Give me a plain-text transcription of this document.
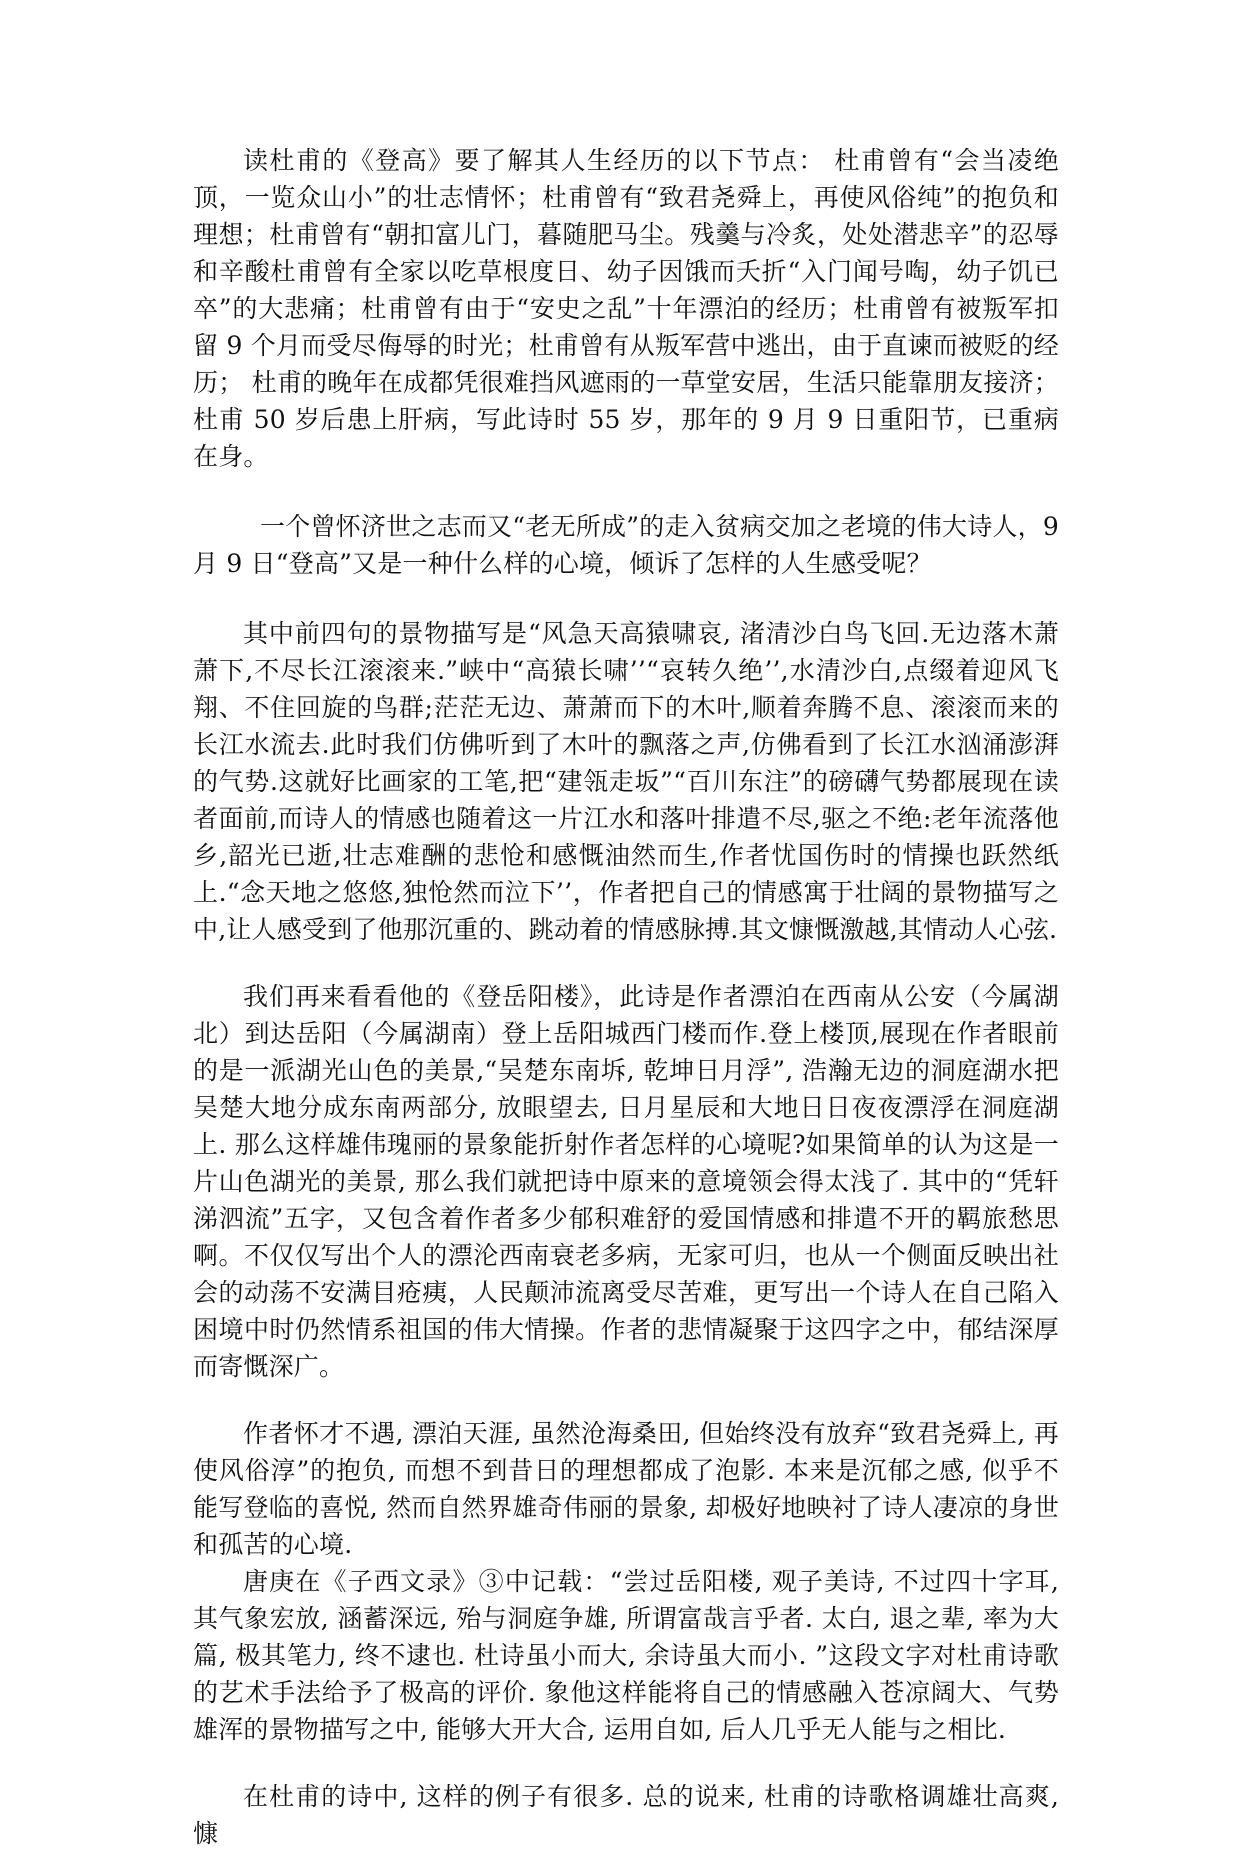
读杜甫的《登高》要了解其人生经历的以下节点： 杜甫曾有“会当凌绝顶，一览众山小”的壮志情怀；杜甫曾有“致君尧舜上，再使风俗纯”的抱负和理想；杜甫曾有“朝扣富儿门，暮随肥马尘。残羹与冷炙，处处潜悲辛”的忍辱和辛酸杜甫曾有全家以吃草根度日、幼子因饿而夭折“入门闻号啕，幼子饥已卒”的大悲痛；杜甫曾有由于“安史之乱”十年漂泊的经历；杜甫曾有被叛军扣留 9 个月而受尽侮辱的时光；杜甫曾有从叛军营中逃出，由于直谏而被贬的经历； 杜甫的晚年在成都凭很难挡风遮雨的一草堂安居，生活只能靠朋友接济；杜甫 50 岁后患上肝病，写此诗时 55 岁，那年的 9 月 9 日重阳节，已重病在身。

一个曾怀济世之志而又“老无所成”的走入贫病交加之老境的伟大诗人，9 月 9 日“登高”又是一种什么样的心境，倾诉了怎样的人生感受呢？

其中前四句的景物描写是“风急天高猿啸哀, 渚清沙白鸟飞回.无边落木萧萧下,不尽长江滚滚来.”峡中“高猿长啸’’“哀转久绝’’,水清沙白,点缀着迎风飞翔、不住回旋的鸟群;茫茫无边、萧萧而下的木叶,顺着奔腾不息、滚滚而来的长江水流去.此时我们仿佛听到了木叶的飘落之声,仿佛看到了长江水汹涌澎湃的气势.这就好比画家的工笔,把“建瓴走坂”“百川东注”的磅礴气势都展现在读者面前,而诗人的情感也随着这一片江水和落叶排遣不尽,驱之不绝:老年流落他乡,韶光已逝,壮志难酬的悲怆和感慨油然而生,作者忧国伤时的情操也跃然纸上.“念天地之悠悠,独怆然而泣下’’，作者把自己的情感寓于壮阔的景物描写之中,让人感受到了他那沉重的、跳动着的情感脉搏.其文慷慨激越,其情动人心弦.

我们再来看看他的《登岳阳楼》，此诗是作者漂泊在西南从公安（今属湖北）到达岳阳（今属湖南）登上岳阳城西门楼而作.登上楼顶,展现在作者眼前的是一派湖光山色的美景,“吴楚东南坼, 乾坤日月浮”, 浩瀚无边的洞庭湖水把吴楚大地分成东南两部分, 放眼望去, 日月星辰和大地日日夜夜漂浮在洞庭湖上. 那么这样雄伟瑰丽的景象能折射作者怎样的心境呢?如果简单的认为这是一片山色湖光的美景, 那么我们就把诗中原来的意境领会得太浅了. 其中的“凭轩涕泗流”五字，又包含着作者多少郁积难舒的爱国情感和排遣不开的羁旅愁思啊。不仅仅写出个人的漂沦西南衰老多病，无家可归，也从一个侧面反映出社会的动荡不安满目疮痍，人民颠沛流离受尽苦难，更写出一个诗人在自己陷入困境中时仍然情系祖国的伟大情操。作者的悲情凝聚于这四字之中，郁结深厚而寄慨深广。

作者怀才不遇, 漂泊天涯, 虽然沧海桑田, 但始终没有放弃“致君尧舜上, 再使风俗淳”的抱负, 而想不到昔日的理想都成了泡影. 本来是沉郁之感, 似乎不能写登临的喜悦, 然而自然界雄奇伟丽的景象, 却极好地映衬了诗人凄凉的身世和孤苦的心境.

唐庚在《子西文录》③中记载：“尝过岳阳楼, 观子美诗, 不过四十字耳, 其气象宏放, 涵蓄深远, 殆与洞庭争雄, 所谓富哉言乎者. 太白, 退之辈, 率为大篇, 极其笔力, 终不逮也. 杜诗虽小而大, 余诗虽大而小. ”这段文字对杜甫诗歌的艺术手法给予了极高的评价. 象他这样能将自己的情感融入苍凉阔大、气势雄浑的景物描写之中, 能够大开大合, 运用自如, 后人几乎无人能与之相比.

在杜甫的诗中, 这样的例子有很多. 总的说来, 杜甫的诗歌格调雄壮高爽, 慷
